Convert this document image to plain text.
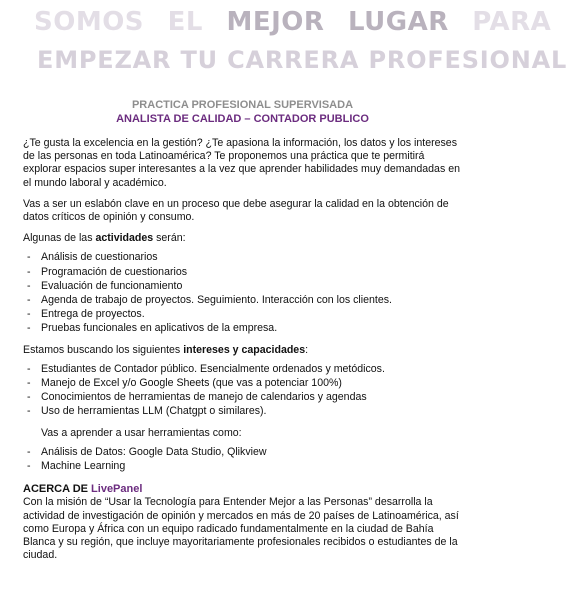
SOMOS EL MEJOR LUGAR PARA
EMPEZAR TU CARRERA PROFESIONAL
PRACTICA PROFESIONAL SUPERVISADA
ANALISTA DE CALIDAD – CONTADOR PUBLICO

¿Te gusta la excelencia en la gestión? ¿Te apasiona la información, los datos y los intereses de las personas en toda Latinoamérica? Te proponemos una práctica que te permitirá explorar espacios super interesantes a la vez que aprender habilidades muy demandadas en el mundo laboral y académico.

Vas a ser un eslabón clave en un proceso que debe asegurar la calidad en la obtención de datos críticos de opinión y consumo.

Algunas de las actividades serán:

- Análisis de cuestionarios
- Programación de cuestionarios
- Evaluación de funcionamiento
- Agenda de trabajo de proyectos. Seguimiento. Interacción con los clientes.
- Entrega de proyectos.
- Pruebas funcionales en aplicativos de la empresa.

Estamos buscando los siguientes intereses y capacidades:

- Estudiantes de Contador público. Esencialmente ordenados y metódicos.
- Manejo de Excel y/o Google Sheets (que vas a potenciar 100%)
- Conocimientos de herramientas de manejo de calendarios y agendas
- Uso de herramientas LLM (Chatgpt o similares).

Vas a aprender a usar herramientas como:

- Análisis de Datos: Google Data Studio, Qlikview
- Machine Learning
ACERCA DE LivePanel

Con la misión de “Usar la Tecnología para Entender Mejor a las Personas” desarrolla la actividad de investigación de opinión y mercados en más de 20 países de Latinoamérica, así como Europa y África con un equipo radicado fundamentalmente en la ciudad de Bahía Blanca y su región, que incluye mayoritariamente profesionales recibidos o estudiantes de la ciudad.
